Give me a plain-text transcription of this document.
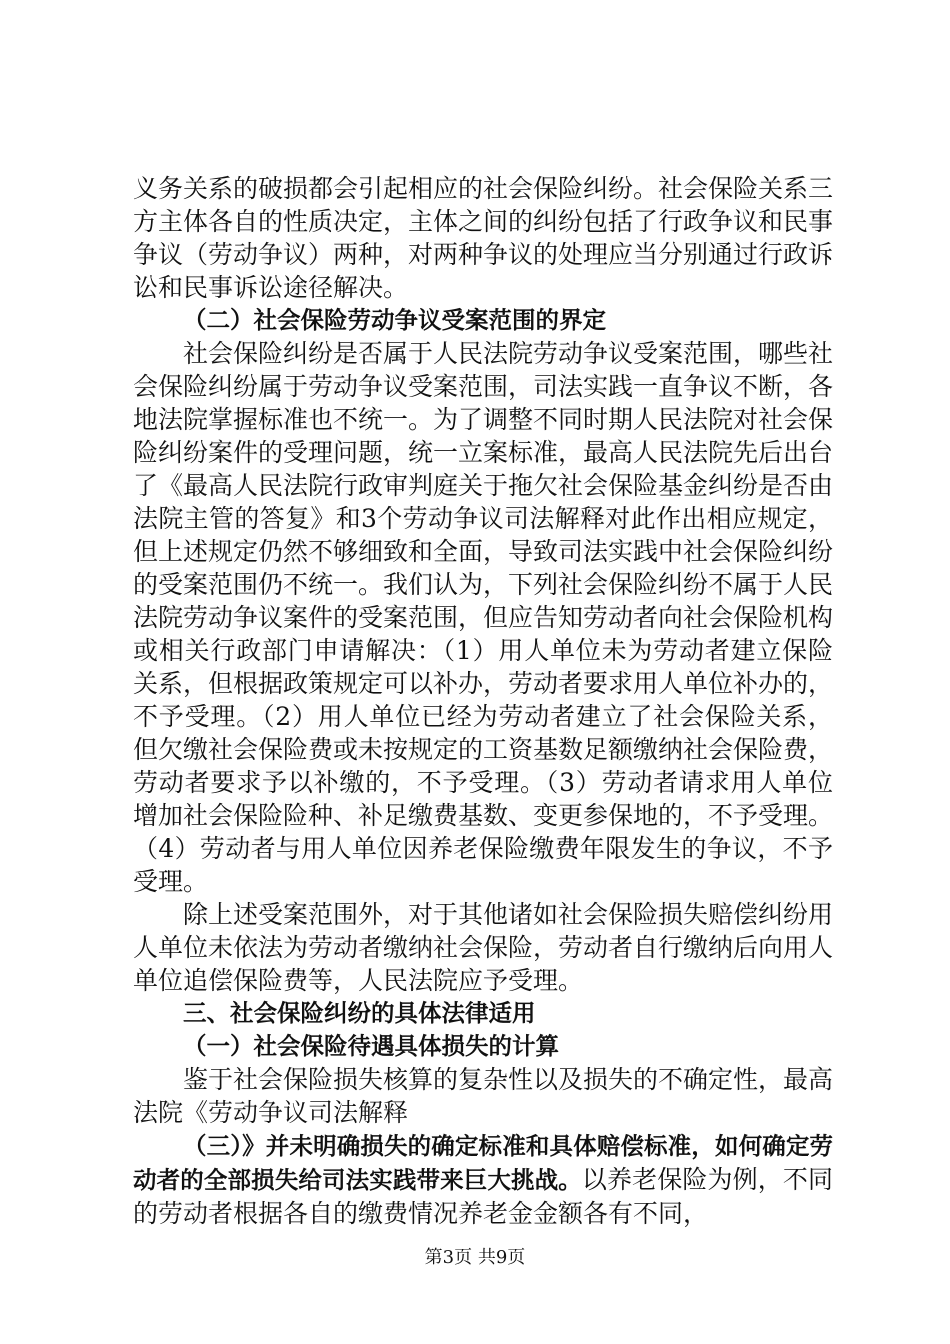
义务关系的破损都会引起相应的社会保险纠纷。社会保险关系三方主体各自的性质决定，主体之间的纠纷包括了行政争议和民事争议（劳动争议）两种，对两种争议的处理应当分别通过行政诉讼和民事诉讼途径解决。

（二）社会保险劳动争议受案范围的界定

社会保险纠纷是否属于人民法院劳动争议受案范围，哪些社会保险纠纷属于劳动争议受案范围，司法实践一直争议不断，各地法院掌握标准也不统一。为了调整不同时期人民法院对社会保险纠纷案件的受理问题，统一立案标准，最高人民法院先后出台了《最高人民法院行政审判庭关于拖欠社会保险基金纠纷是否由法院主管的答复》和3个劳动争议司法解释对此作出相应规定，但上述规定仍然不够细致和全面，导致司法实践中社会保险纠纷的受案范围仍不统一。我们认为，下列社会保险纠纷不属于人民法院劳动争议案件的受案范围，但应告知劳动者向社会保险机构或相关行政部门申请解决：（1）用人单位未为劳动者建立保险关系，但根据政策规定可以补办，劳动者要求用人单位补办的，不予受理。（2）用人单位已经为劳动者建立了社会保险关系，但欠缴社会保险费或未按规定的工资基数足额缴纳社会保险费，劳动者要求予以补缴的，不予受理。（3）劳动者请求用人单位增加社会保险险种、补足缴费基数、变更参保地的，不予受理。（4）劳动者与用人单位因养老保险缴费年限发生的争议，不予受理。

除上述受案范围外，对于其他诸如社会保险损失赔偿纠纷用人单位未依法为劳动者缴纳社会保险，劳动者自行缴纳后向用人单位追偿保险费等，人民法院应予受理。

三、社会保险纠纷的具体法律适用

（一）社会保险待遇具体损失的计算

鉴于社会保险损失核算的复杂性以及损失的不确定性，最高法院《劳动争议司法解释

（三）》并未明确损失的确定标准和具体赔偿标准，如何确定劳动者的全部损失给司法实践带来巨大挑战。以养老保险为例，不同的劳动者根据各自的缴费情况养老金金额各有不同，

第3页 共9页
